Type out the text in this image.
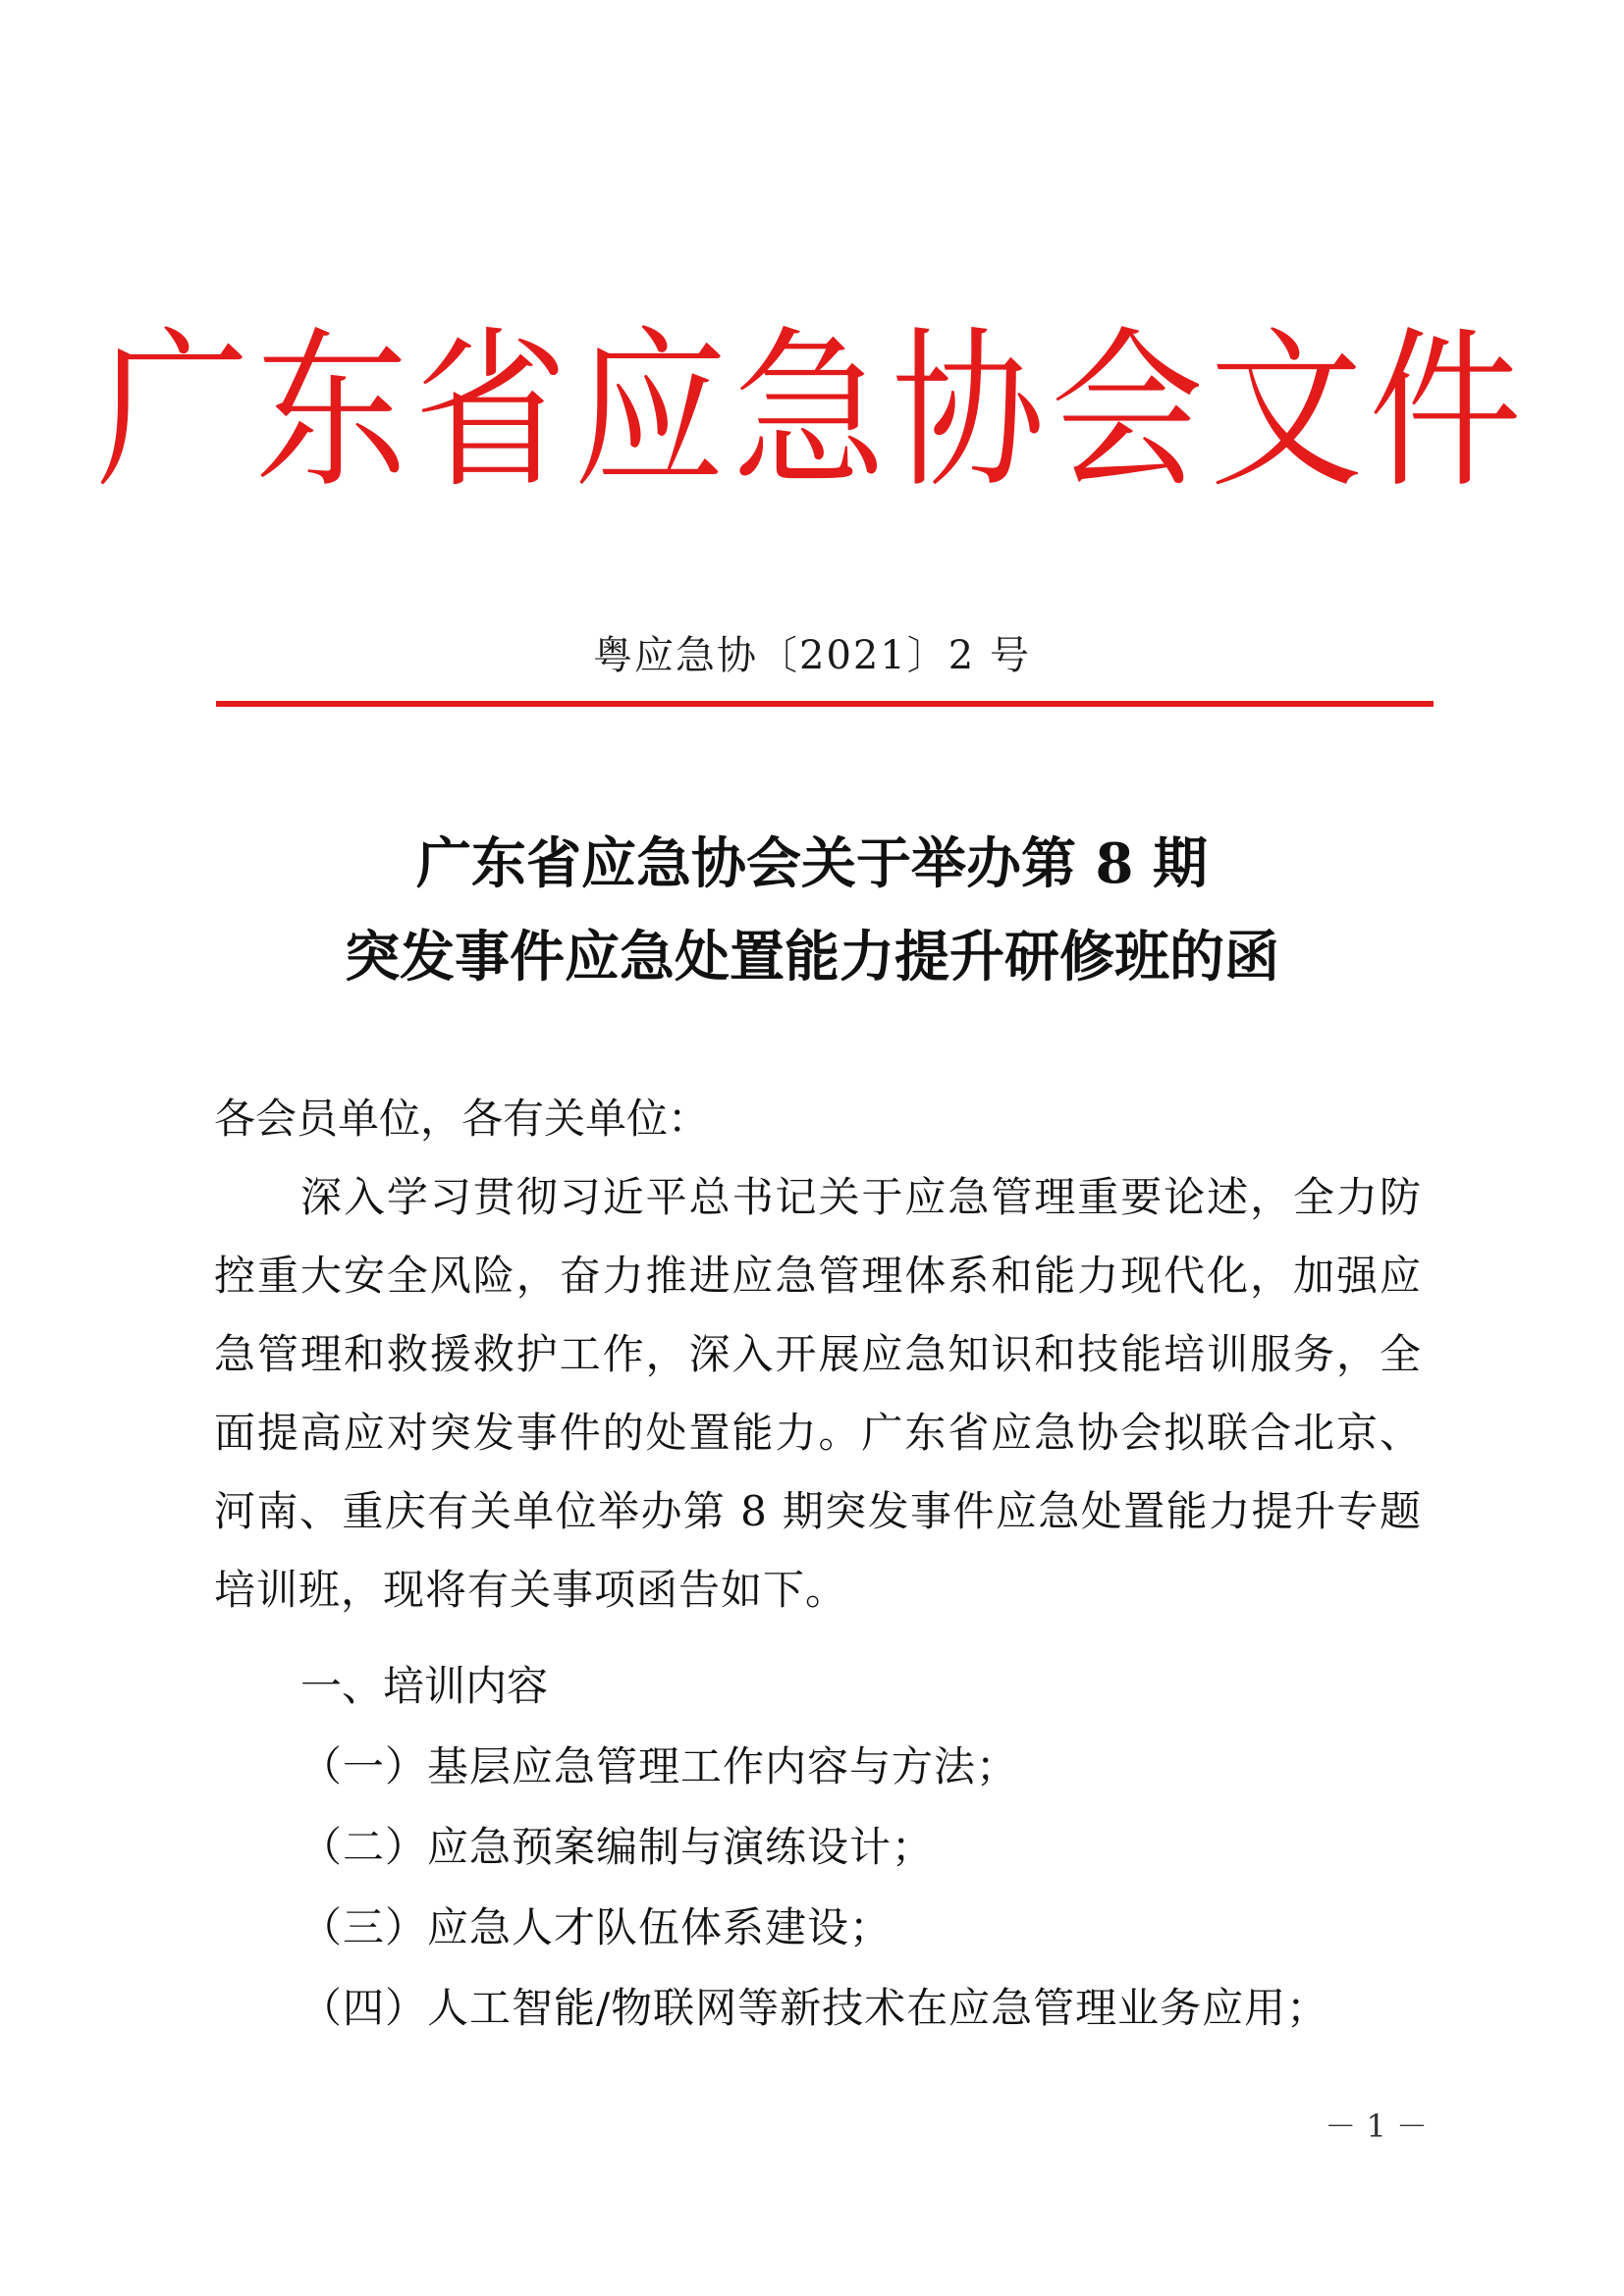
广东省应急协会文件
粤应急协〔2021〕2 号
广东省应急协会关于举办第 8 期
突发事件应急处置能力提升研修班的函
各会员单位，各有关单位：
深入学习贯彻习近平总书记关于应急管理重要论述，全力防控重大安全风险，奋力推进应急管理体系和能力现代化，加强应急管理和救援救护工作，深入开展应急知识和技能培训服务，全面提高应对突发事件的处置能力。广东省应急协会拟联合北京、河南、重庆有关单位举办第 8 期突发事件应急处置能力提升专题培训班，现将有关事项函告如下。
一、培训内容
（一）基层应急管理工作内容与方法；
（二）应急预案编制与演练设计；
（三）应急人才队伍体系建设；
（四）人工智能/物联网等新技术在应急管理业务应用；
－ 1 －
